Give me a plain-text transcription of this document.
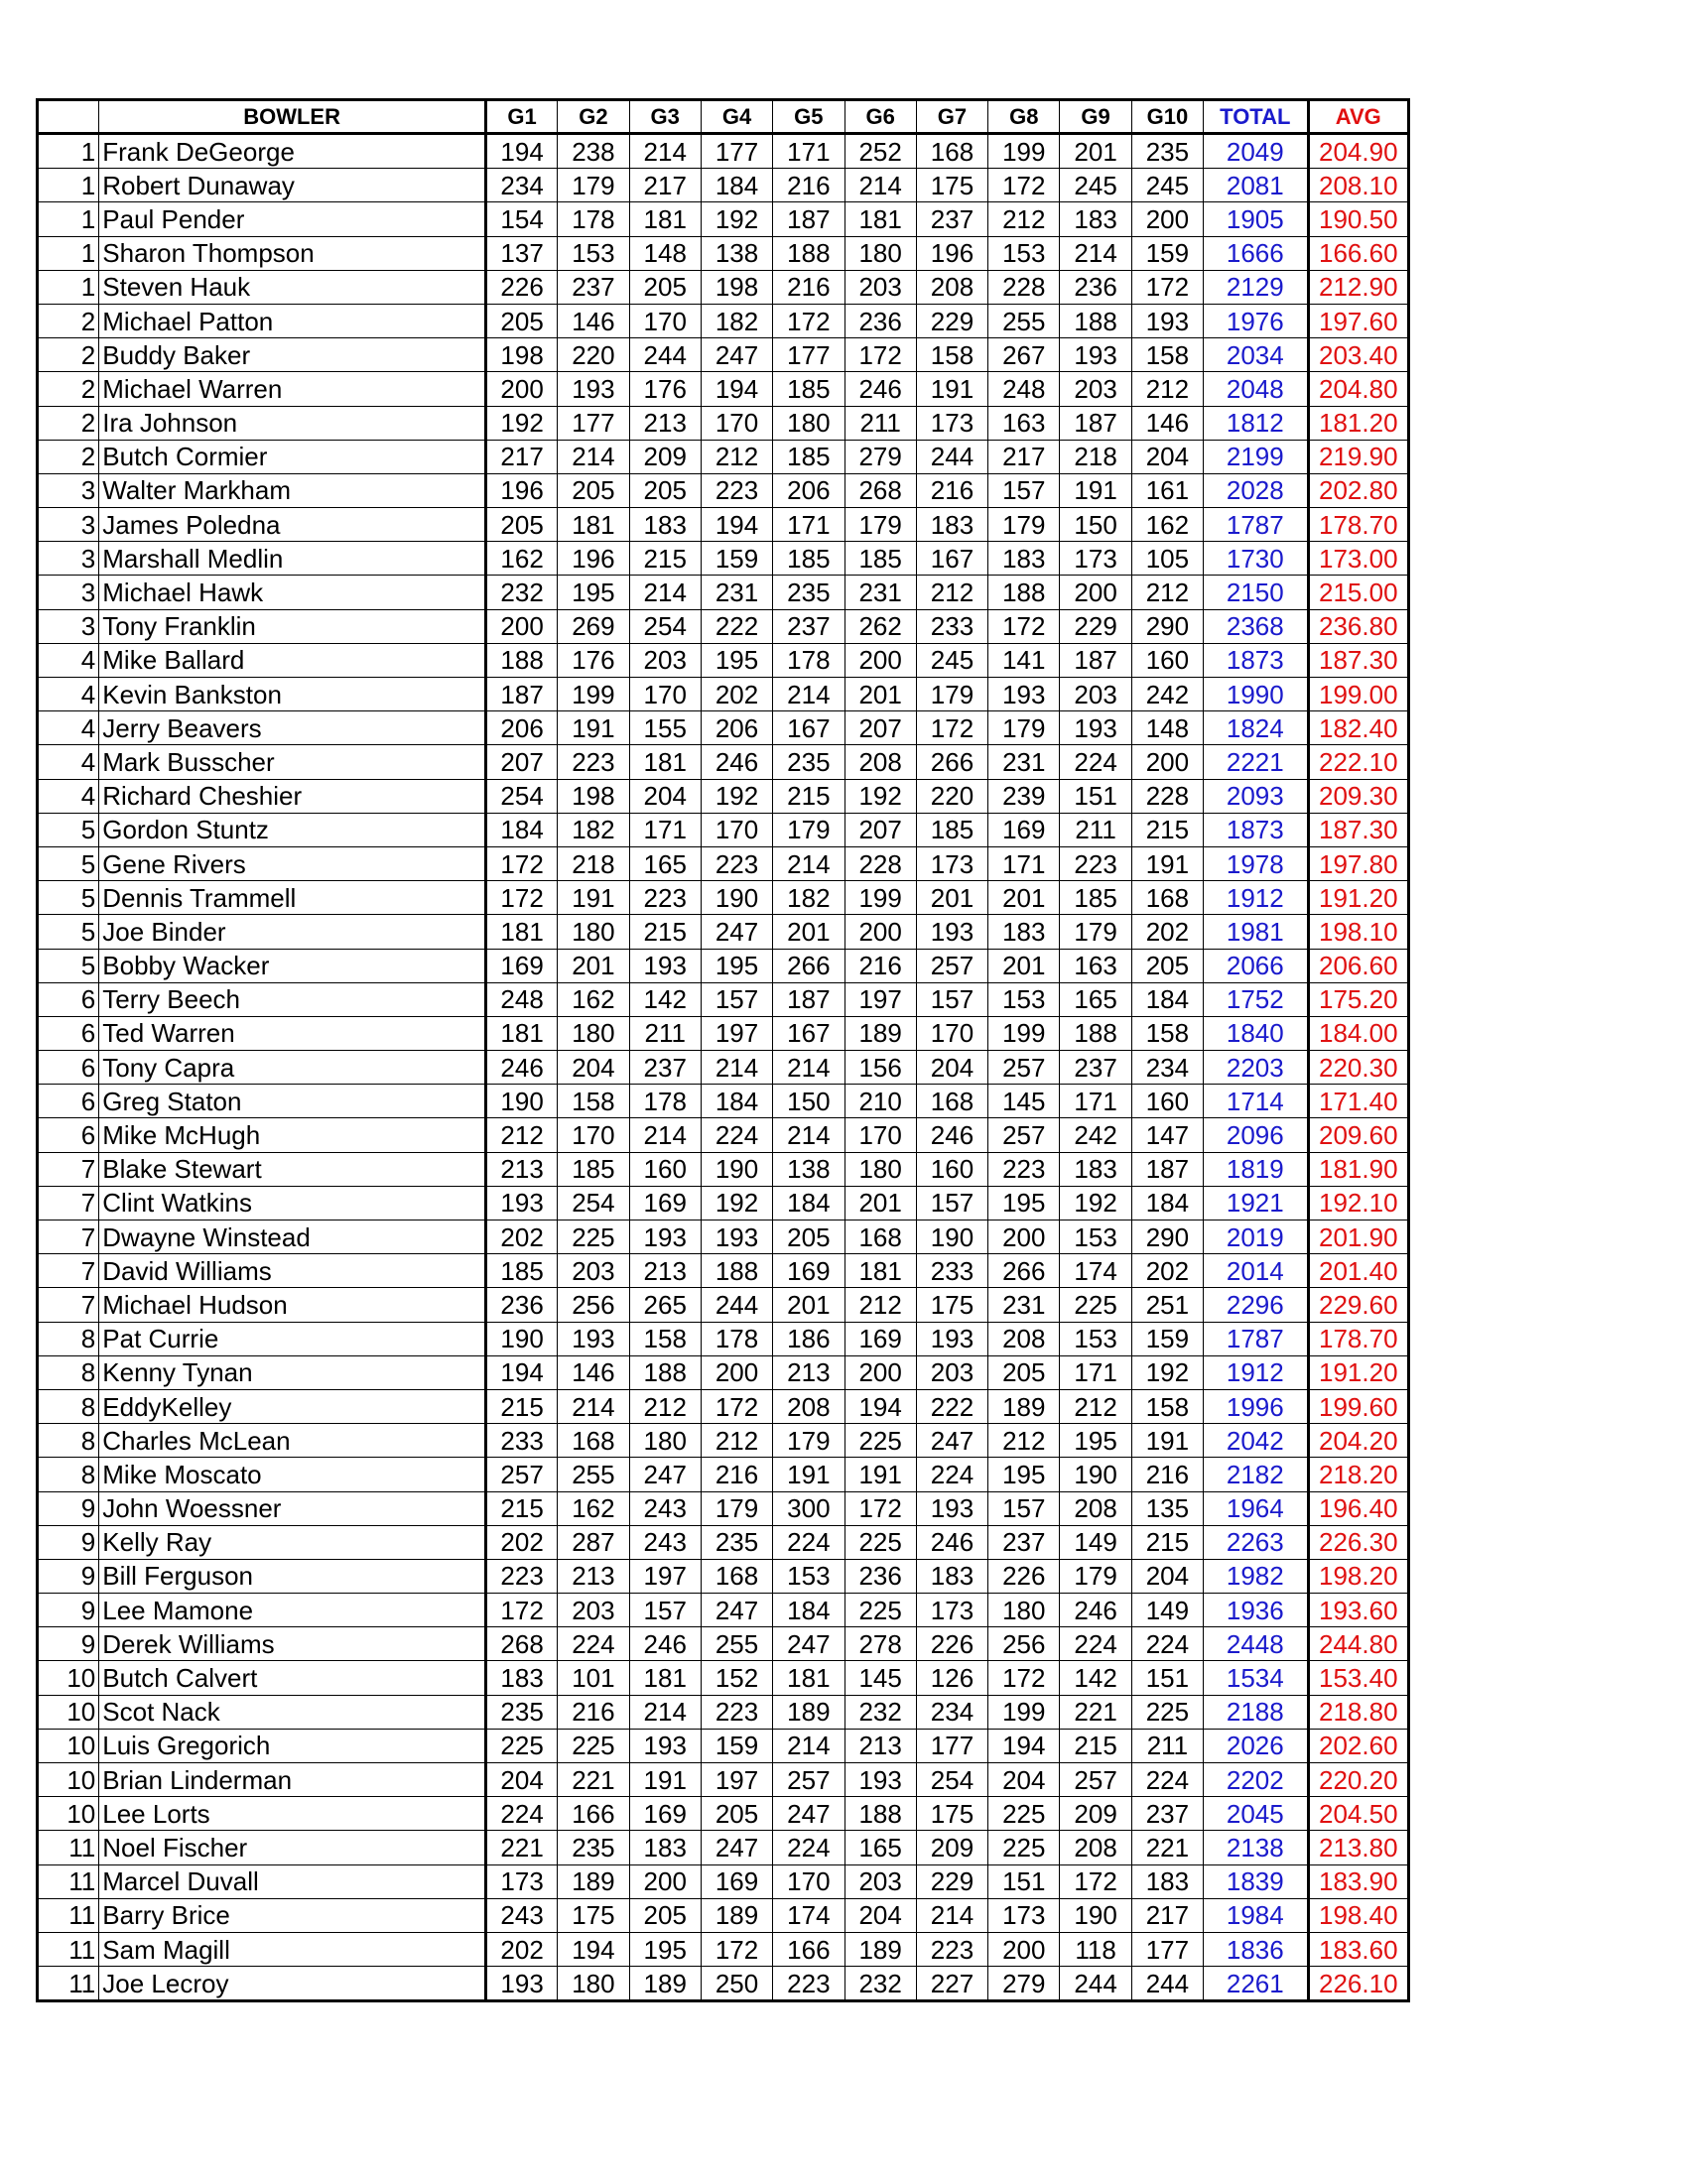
	BOWLER	G1	G2	G3	G4	G5	G6	G7	G8	G9	G10	TOTAL	AVG
1	Frank DeGeorge	194	238	214	177	171	252	168	199	201	235	2049	204.90
1	Robert Dunaway	234	179	217	184	216	214	175	172	245	245	2081	208.10
1	Paul Pender	154	178	181	192	187	181	237	212	183	200	1905	190.50
1	Sharon Thompson	137	153	148	138	188	180	196	153	214	159	1666	166.60
1	Steven Hauk	226	237	205	198	216	203	208	228	236	172	2129	212.90
2	Michael Patton	205	146	170	182	172	236	229	255	188	193	1976	197.60
2	Buddy Baker	198	220	244	247	177	172	158	267	193	158	2034	203.40
2	Michael Warren	200	193	176	194	185	246	191	248	203	212	2048	204.80
2	Ira Johnson	192	177	213	170	180	211	173	163	187	146	1812	181.20
2	Butch Cormier	217	214	209	212	185	279	244	217	218	204	2199	219.90
3	Walter Markham	196	205	205	223	206	268	216	157	191	161	2028	202.80
3	James Poledna	205	181	183	194	171	179	183	179	150	162	1787	178.70
3	Marshall Medlin	162	196	215	159	185	185	167	183	173	105	1730	173.00
3	Michael Hawk	232	195	214	231	235	231	212	188	200	212	2150	215.00
3	Tony Franklin	200	269	254	222	237	262	233	172	229	290	2368	236.80
4	Mike Ballard	188	176	203	195	178	200	245	141	187	160	1873	187.30
4	Kevin Bankston	187	199	170	202	214	201	179	193	203	242	1990	199.00
4	Jerry Beavers	206	191	155	206	167	207	172	179	193	148	1824	182.40
4	Mark Busscher	207	223	181	246	235	208	266	231	224	200	2221	222.10
4	Richard Cheshier	254	198	204	192	215	192	220	239	151	228	2093	209.30
5	Gordon Stuntz	184	182	171	170	179	207	185	169	211	215	1873	187.30
5	Gene Rivers	172	218	165	223	214	228	173	171	223	191	1978	197.80
5	Dennis Trammell	172	191	223	190	182	199	201	201	185	168	1912	191.20
5	Joe Binder	181	180	215	247	201	200	193	183	179	202	1981	198.10
5	Bobby Wacker	169	201	193	195	266	216	257	201	163	205	2066	206.60
6	Terry Beech	248	162	142	157	187	197	157	153	165	184	1752	175.20
6	Ted Warren	181	180	211	197	167	189	170	199	188	158	1840	184.00
6	Tony Capra	246	204	237	214	214	156	204	257	237	234	2203	220.30
6	Greg Staton	190	158	178	184	150	210	168	145	171	160	1714	171.40
6	Mike McHugh	212	170	214	224	214	170	246	257	242	147	2096	209.60
7	Blake Stewart	213	185	160	190	138	180	160	223	183	187	1819	181.90
7	Clint Watkins	193	254	169	192	184	201	157	195	192	184	1921	192.10
7	Dwayne Winstead	202	225	193	193	205	168	190	200	153	290	2019	201.90
7	David Williams	185	203	213	188	169	181	233	266	174	202	2014	201.40
7	Michael Hudson	236	256	265	244	201	212	175	231	225	251	2296	229.60
8	Pat Currie	190	193	158	178	186	169	193	208	153	159	1787	178.70
8	Kenny Tynan	194	146	188	200	213	200	203	205	171	192	1912	191.20
8	EddyKelley	215	214	212	172	208	194	222	189	212	158	1996	199.60
8	Charles McLean	233	168	180	212	179	225	247	212	195	191	2042	204.20
8	Mike Moscato	257	255	247	216	191	191	224	195	190	216	2182	218.20
9	John Woessner	215	162	243	179	300	172	193	157	208	135	1964	196.40
9	Kelly Ray	202	287	243	235	224	225	246	237	149	215	2263	226.30
9	Bill Ferguson	223	213	197	168	153	236	183	226	179	204	1982	198.20
9	Lee Mamone	172	203	157	247	184	225	173	180	246	149	1936	193.60
9	Derek Williams	268	224	246	255	247	278	226	256	224	224	2448	244.80
10	Butch Calvert	183	101	181	152	181	145	126	172	142	151	1534	153.40
10	Scot Nack	235	216	214	223	189	232	234	199	221	225	2188	218.80
10	Luis Gregorich	225	225	193	159	214	213	177	194	215	211	2026	202.60
10	Brian Linderman	204	221	191	197	257	193	254	204	257	224	2202	220.20
10	Lee Lorts	224	166	169	205	247	188	175	225	209	237	2045	204.50
11	Noel Fischer	221	235	183	247	224	165	209	225	208	221	2138	213.80
11	Marcel Duvall	173	189	200	169	170	203	229	151	172	183	1839	183.90
11	Barry Brice	243	175	205	189	174	204	214	173	190	217	1984	198.40
11	Sam Magill	202	194	195	172	166	189	223	200	118	177	1836	183.60
11	Joe Lecroy	193	180	189	250	223	232	227	279	244	244	2261	226.10
